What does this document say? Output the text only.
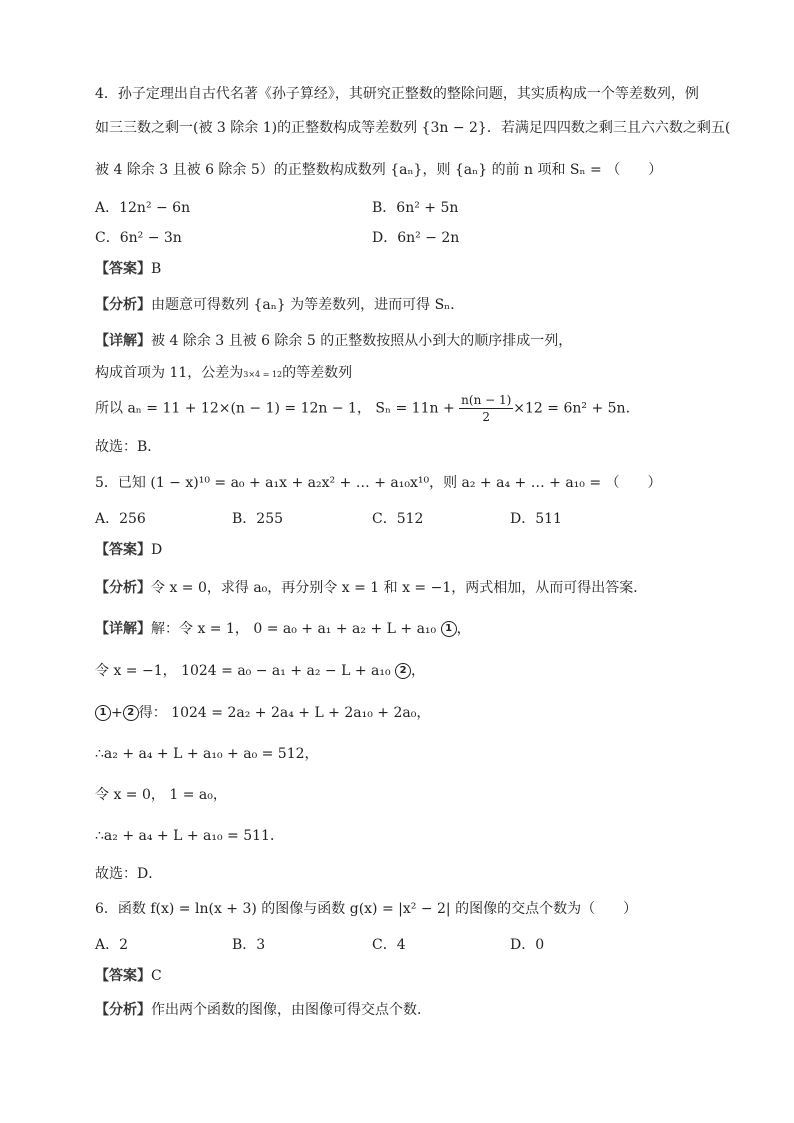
4．孙子定理出自古代名著《孙子算经》，其研究正整数的整除问题，其实质构成一个等差数列，例
如三三数之剩一(被 3 除余 1)的正整数构成等差数列 {3n − 2}．若满足四四数之剩三且六六数之剩五(
被 4 除余 3 且被 6 除余 5）的正整数构成数列 {aₙ}，则 {aₙ} 的前 n 项和 Sₙ = （　　）
A．12n² − 6n	B．6n² + 5n
C．6n² − 3n	D．6n² − 2n
【答案】B
【分析】由题意可得数列 {aₙ} 为等差数列，进而可得 Sₙ．
【详解】被 4 除余 3 且被 6 除余 5 的正整数按照从小到大的顺序排成一列，
构成首项为 11，公差为3×4 = 12的等差数列
所以 aₙ = 11 + 12×(n − 1) = 12n − 1， $S_n = 11n + \frac{n(n - 1)}{2} \times 12 = 6n^2 + 5n$.
故选：B．
5．已知 (1 − x)¹⁰ = a₀ + a₁x + a₂x² + … + a₁₀x¹⁰，则 a₂ + a₄ + … + a₁₀ = （　　）
A．256	B．255	C．512	D．511
【答案】D
【分析】令 x = 0，求得 a₀，再分别令 x = 1 和 x = −1，两式相加，从而可得出答案．
【详解】解：令 x = 1， 0 = a₀ + a₁ + a₂ + L + a₁₀ 1 ，
令 x = −1， 1024 = a₀ − a₁ + a₂ − L + a₁₀ 2 ，
1 + 2 得： 1024 = 2a₂ + 2a₄ + L + 2a₁₀ + 2a₀，
∴a₂ + a₄ + L + a₁₀ + a₀ = 512，
令 x = 0， 1 = a₀，
∴a₂ + a₄ + L + a₁₀ = 511．
故选：D．
6．函数 f(x) = ln(x + 3) 的图像与函数 g(x) = |x² − 2| 的图像的交点个数为（　　）
A．2	B．3	C．4	D．0
【答案】C
【分析】作出两个函数的图像，由图像可得交点个数．
